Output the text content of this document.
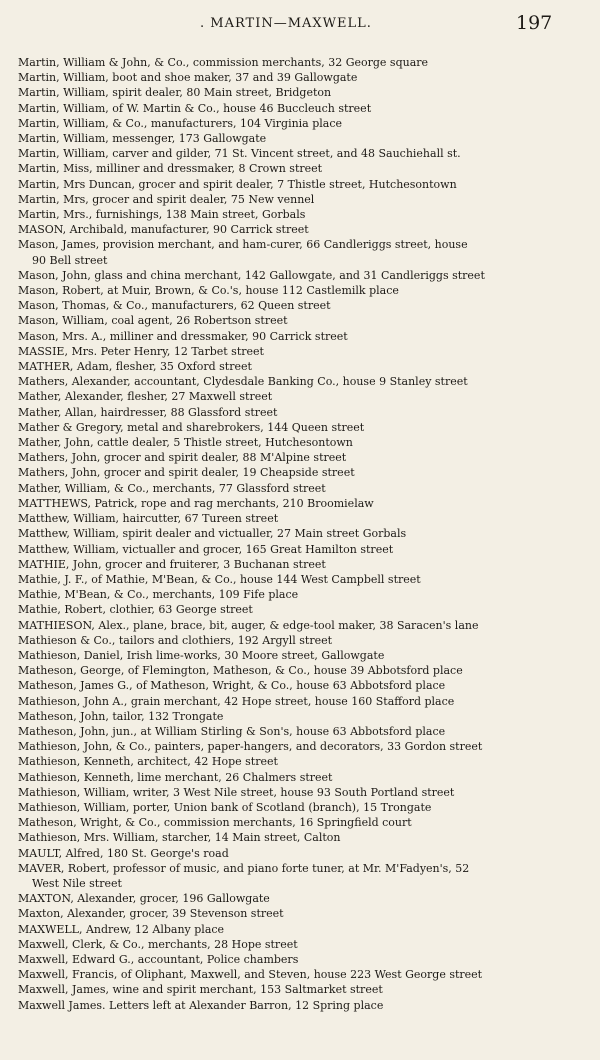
. MARTIN—MAXWELL.	197
Martin, William & John, & Co., commission merchants, 32 George square
Martin, William, boot and shoe maker, 37 and 39 Gallowgate
Martin, William, spirit dealer, 80 Main street, Bridgeton
Martin, William, of W. Martin & Co., house 46 Buccleuch street
Martin, William, & Co., manufacturers, 104 Virginia place
Martin, William, messenger, 173 Gallowgate
Martin, William, carver and gilder, 71 St. Vincent street, and 48 Sauchiehall st.
Martin, Miss, milliner and dressmaker, 8 Crown street
Martin, Mrs Duncan, grocer and spirit dealer, 7 Thistle street, Hutchesontown
Martin, Mrs, grocer and spirit dealer, 75 New vennel
Martin, Mrs., furnishings, 138 Main street, Gorbals
MASON, Archibald, manufacturer, 90 Carrick street
Mason, James, provision merchant, and ham-curer, 66 Candleriggs street, house
90 Bell street
Mason, John, glass and china merchant, 142 Gallowgate, and 31 Candleriggs street
Mason, Robert, at Muir, Brown, & Co.'s, house 112 Castlemilk place
Mason, Thomas, & Co., manufacturers, 62 Queen street
Mason, William, coal agent, 26 Robertson street
Mason, Mrs. A., milliner and dressmaker, 90 Carrick street
MASSIE, Mrs. Peter Henry, 12 Tarbet street
MATHER, Adam, flesher, 35 Oxford street
Mathers, Alexander, accountant, Clydesdale Banking Co., house 9 Stanley street
Mather, Alexander, flesher, 27 Maxwell street
Mather, Allan, hairdresser, 88 Glassford street
Mather & Gregory, metal and sharebrokers, 144 Queen street
Mather, John, cattle dealer, 5 Thistle street, Hutchesontown
Mathers, John, grocer and spirit dealer, 88 M'Alpine street
Mathers, John, grocer and spirit dealer, 19 Cheapside street
Mather, William, & Co., merchants, 77 Glassford street
MATTHEWS, Patrick, rope and rag merchants, 210 Broomielaw
Matthew, William, haircutter, 67 Tureen street
Matthew, William, spirit dealer and victualler, 27 Main street Gorbals
Matthew, William, victualler and grocer, 165 Great Hamilton street
MATHIE, John, grocer and fruiterer, 3 Buchanan street
Mathie, J. F., of Mathie, M'Bean, & Co., house 144 West Campbell street
Mathie, M'Bean, & Co., merchants, 109 Fife place
Mathie, Robert, clothier, 63 George street
MATHIESON, Alex., plane, brace, bit, auger, & edge-tool maker, 38 Saracen's lane
Mathieson & Co., tailors and clothiers, 192 Argyll street
Mathieson, Daniel, Irish lime-works, 30 Moore street, Gallowgate
Matheson, George, of Flemington, Matheson, & Co., house 39 Abbotsford place
Matheson, James G., of Matheson, Wright, & Co., house 63 Abbotsford place
Mathieson, John A., grain merchant, 42 Hope street, house 160 Stafford place
Matheson, John, tailor, 132 Trongate
Matheson, John, jun., at William Stirling & Son's, house 63 Abbotsford place
Mathieson, John, & Co., painters, paper-hangers, and decorators, 33 Gordon street
Mathieson, Kenneth, architect, 42 Hope street
Mathieson, Kenneth, lime merchant, 26 Chalmers street
Mathieson, William, writer, 3 West Nile street, house 93 South Portland street
Mathieson, William, porter, Union bank of Scotland (branch), 15 Trongate
Matheson, Wright, & Co., commission merchants, 16 Springfield court
Mathieson, Mrs. William, starcher, 14 Main street, Calton
MAULT, Alfred, 180 St. George's road
MAVER, Robert, professor of music, and piano forte tuner, at Mr. M'Fadyen's, 52
West Nile street
MAXTON, Alexander, grocer, 196 Gallowgate
Maxton, Alexander, grocer, 39 Stevenson street
MAXWELL, Andrew, 12 Albany place
Maxwell, Clerk, & Co., merchants, 28 Hope street
Maxwell, Edward G., accountant, Police chambers
Maxwell, Francis, of Oliphant, Maxwell, and Steven, house 223 West George street
Maxwell, James, wine and spirit merchant, 153 Saltmarket street
Maxwell James. Letters left at Alexander Barron, 12 Spring place
